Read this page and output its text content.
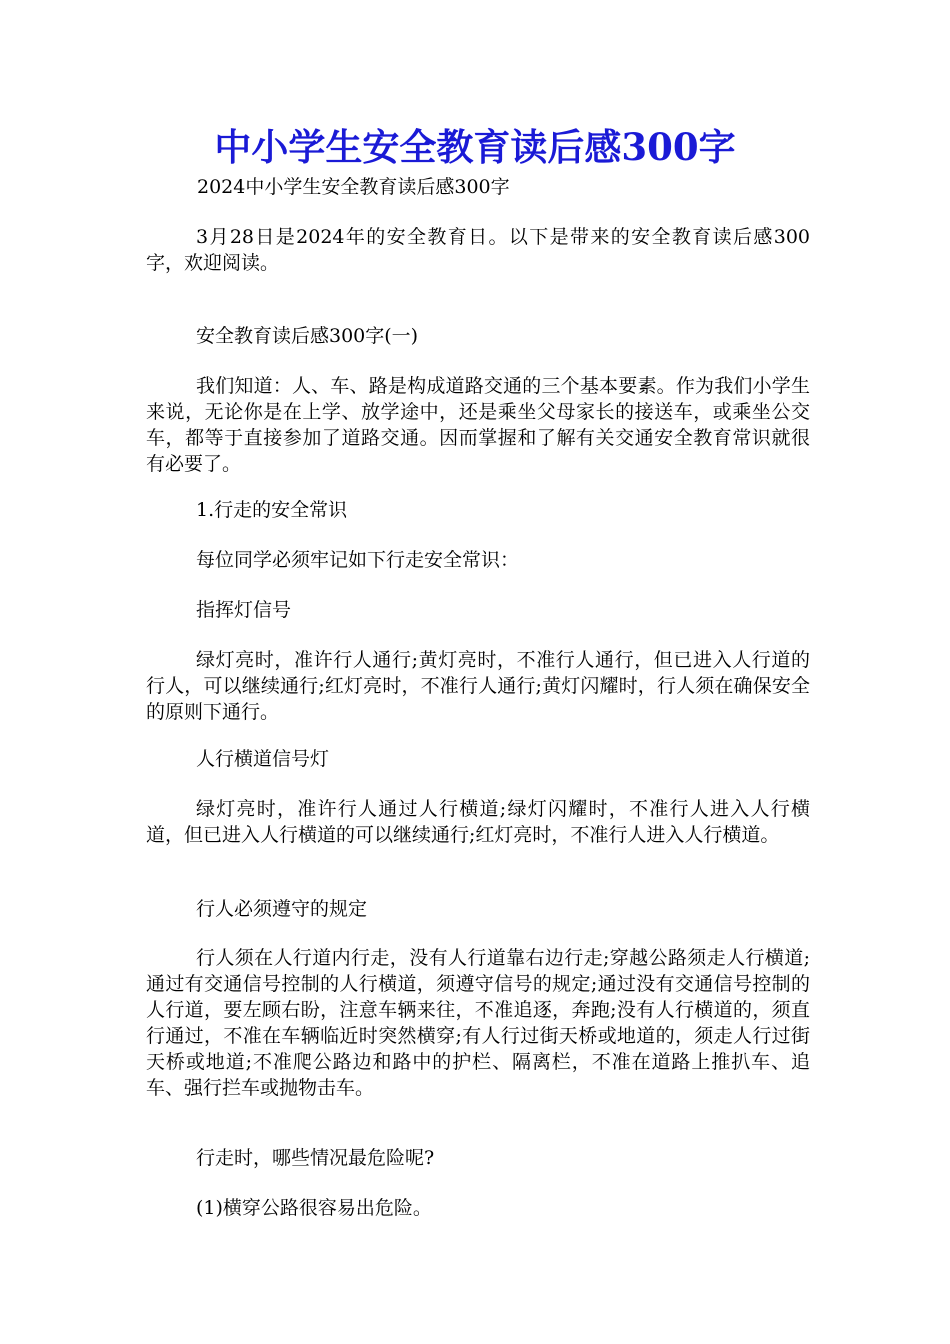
中小学生安全教育读后感300字
2024中小学生安全教育读后感300字
3月28日是2024年的安全教育日。以下是带来的安全教育读后感300字，欢迎阅读。
安全教育读后感300字(一)
我们知道：人、车、路是构成道路交通的三个基本要素。作为我们小学生来说，无论你是在上学、放学途中，还是乘坐父母家长的接送车，或乘坐公交车，都等于直接参加了道路交通。因而掌握和了解有关交通安全教育常识就很有必要了。
1.行走的安全常识
每位同学必须牢记如下行走安全常识：
指挥灯信号
绿灯亮时，准许行人通行;黄灯亮时，不准行人通行，但已进入人行道的行人，可以继续通行;红灯亮时，不准行人通行;黄灯闪耀时，行人须在确保安全的原则下通行。
人行横道信号灯
绿灯亮时，准许行人通过人行横道;绿灯闪耀时，不准行人进入人行横道，但已进入人行横道的可以继续通行;红灯亮时，不准行人进入人行横道。
行人必须遵守的规定
行人须在人行道内行走，没有人行道靠右边行走;穿越公路须走人行横道;通过有交通信号控制的人行横道，须遵守信号的规定;通过没有交通信号控制的人行道，要左顾右盼，注意车辆来往，不准追逐，奔跑;没有人行横道的，须直行通过，不准在车辆临近时突然横穿;有人行过街天桥或地道的，须走人行过街天桥或地道;不准爬公路边和路中的护栏、隔离栏，不准在道路上推扒车、追车、强行拦车或抛物击车。
行走时，哪些情况最危险呢?
(1)横穿公路很容易出危险。
